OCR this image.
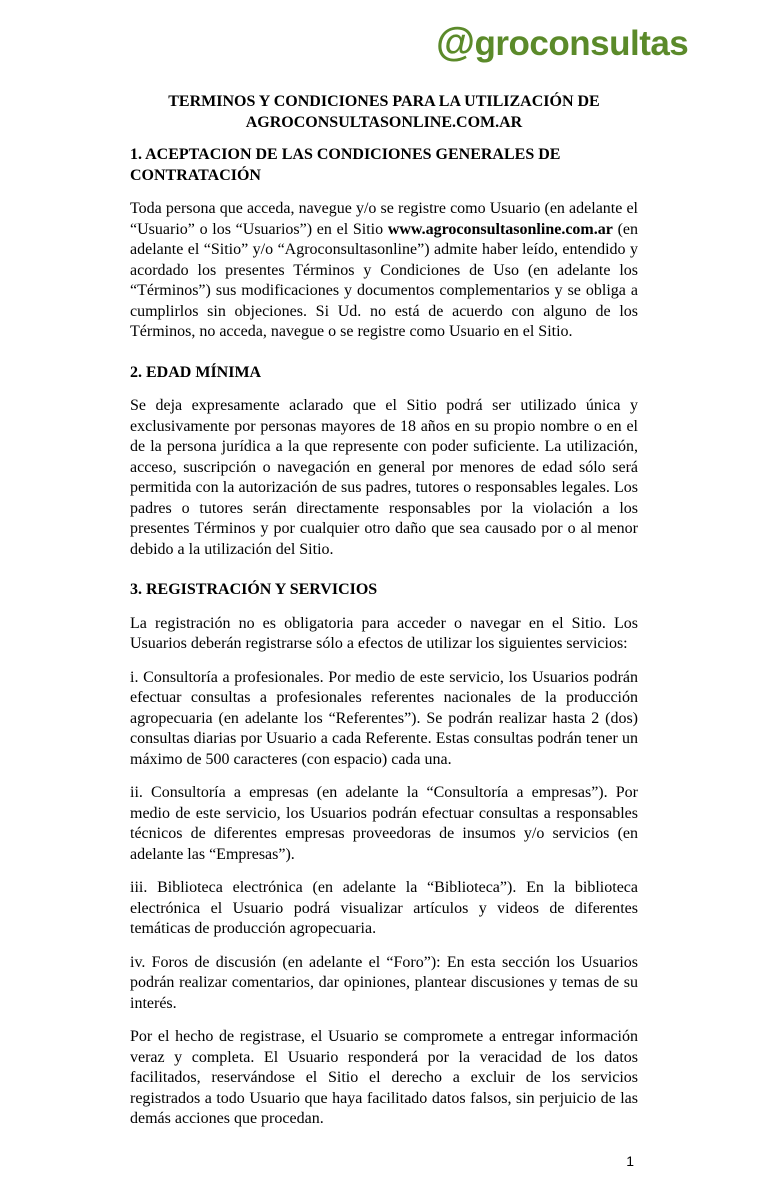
@groconsultas
TERMINOS Y CONDICIONES PARA LA UTILIZACIÓN DE
AGROCONSULTASONLINE.COM.AR
1. ACEPTACION DE LAS CONDICIONES GENERALES DE CONTRATACIÓN

Toda persona que acceda, navegue y/o se registre como Usuario (en adelante el “Usuario” o los “Usuarios”) en el Sitio www.agroconsultasonline.com.ar (en adelante el “Sitio” y/o “Agroconsultasonline”) admite haber leído, entendido y acordado los presentes Términos y Condiciones de Uso (en adelante los “Términos”) sus modificaciones y documentos complementarios y se obliga a cumplirlos sin objeciones. Si Ud. no está de acuerdo con alguno de los Términos, no acceda, navegue o se registre como Usuario en el Sitio.

2. EDAD MÍNIMA

Se deja expresamente aclarado que el Sitio podrá ser utilizado única y exclusivamente por personas mayores de 18 años en su propio nombre o en el de la persona jurídica a la que represente con poder suficiente. La utilización, acceso, suscripción o navegación en general por menores de edad sólo será permitida con la autorización de sus padres, tutores o responsables legales. Los padres o tutores serán directamente responsables por la violación a los presentes Términos y por cualquier otro daño que sea causado por o al menor debido a la utilización del Sitio.

3. REGISTRACIÓN Y SERVICIOS

La registración no es obligatoria para acceder o navegar en el Sitio. Los Usuarios deberán registrarse sólo a efectos de utilizar los siguientes servicios:

i. Consultoría a profesionales. Por medio de este servicio, los Usuarios podrán efectuar consultas a profesionales referentes nacionales de la producción agropecuaria (en adelante los “Referentes”). Se podrán realizar hasta 2 (dos) consultas diarias por Usuario a cada Referente. Estas consultas podrán tener un máximo de 500 caracteres (con espacio) cada una.

ii. Consultoría a empresas (en adelante la “Consultoría a empresas”). Por medio de este servicio, los Usuarios podrán efectuar consultas a responsables técnicos de diferentes empresas proveedoras de insumos y/o servicios (en adelante las “Empresas”).

iii. Biblioteca electrónica (en adelante la “Biblioteca”). En la biblioteca electrónica el Usuario podrá visualizar artículos y videos de diferentes temáticas de producción agropecuaria.

iv. Foros de discusión (en adelante el “Foro”): En esta sección los Usuarios podrán realizar comentarios, dar opiniones, plantear discusiones y temas de su interés.

Por el hecho de registrase, el Usuario se compromete a entregar información veraz y completa. El Usuario responderá por la veracidad de los datos facilitados, reservándose el Sitio el derecho a excluir de los servicios registrados a todo Usuario que haya facilitado datos falsos, sin perjuicio de las demás acciones que procedan.

1
